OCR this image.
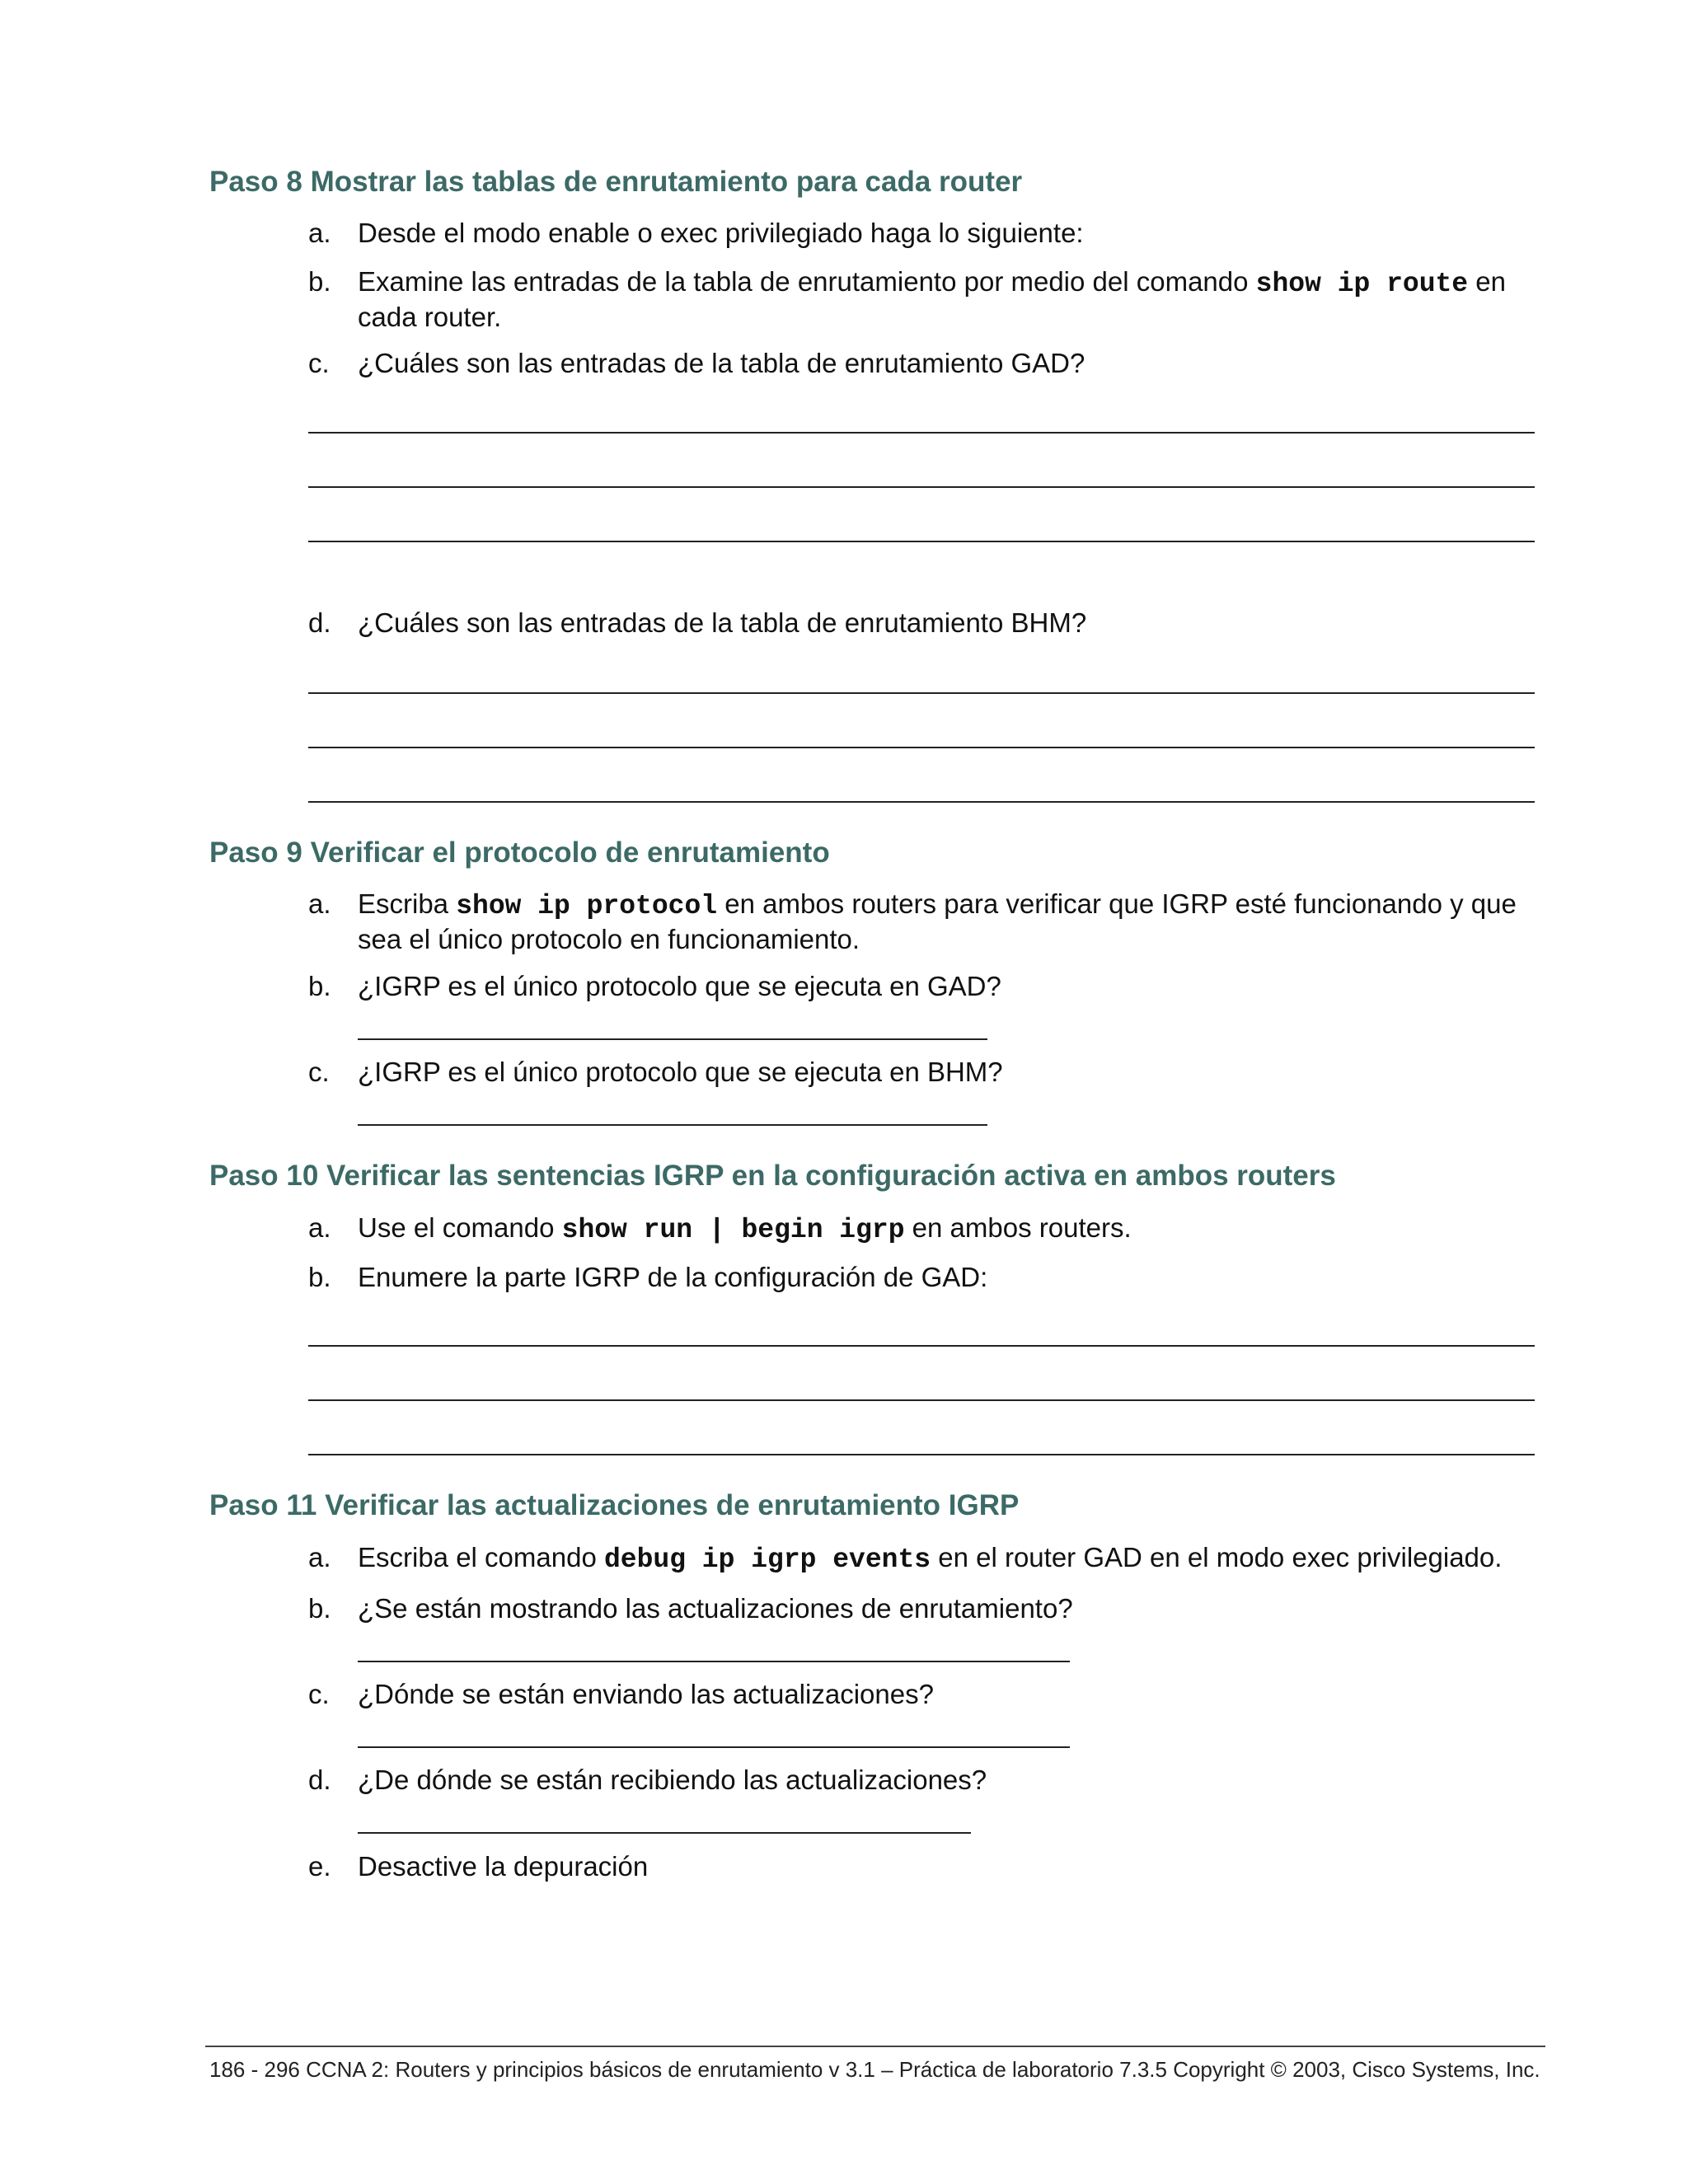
Paso 8 Mostrar las tablas de enrutamiento para cada router
a. Desde el modo enable o exec privilegiado haga lo siguiente:
b. Examine las entradas de la tabla de enrutamiento por medio del comando show ip route en cada router.
c.	¿Cuáles son las entradas de la tabla de enrutamiento GAD?
d. ¿Cuáles son las entradas de la tabla de enrutamiento BHM?
Paso 9 Verificar el protocolo de enrutamiento
a. Escriba show ip protocol en ambos routers para verificar que IGRP esté funcionando y que sea el único protocolo en funcionamiento.
b. ¿IGRP es el único protocolo que se ejecuta en GAD?
c.	¿IGRP es el único protocolo que se ejecuta en BHM?
Paso 10 Verificar las sentencias IGRP en la configuración activa en ambos routers
a. Use el comando show run | begin igrp en ambos routers.
b. Enumere la parte IGRP de la configuración de GAD:
Paso 11 Verificar las actualizaciones de enrutamiento IGRP
a. Escriba el comando debug ip igrp events en el router GAD en el modo exec privilegiado.
b. ¿Se están mostrando las actualizaciones de enrutamiento?
c.	¿Dónde se están enviando las actualizaciones?
d. ¿De dónde se están recibiendo las actualizaciones?
e. Desactive la depuración
186 - 296 CCNA 2: Routers y principios básicos de enrutamiento v 3.1 – Práctica de laboratorio 7.3.5 Copyright © 2003, Cisco Systems, Inc.
